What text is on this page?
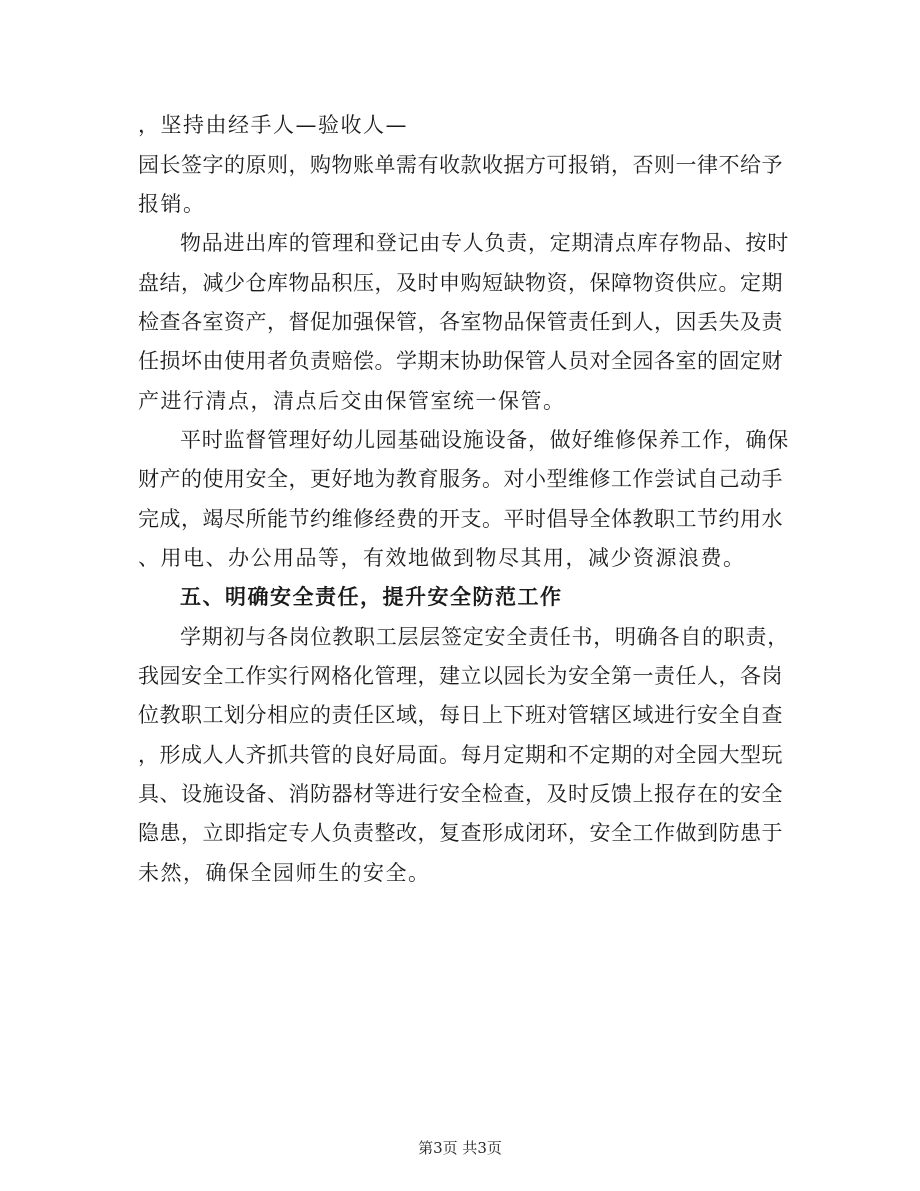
，坚持由经手人—验收人—
园长签字的原则，购物账单需有收款收据方可报销，否则一律不给予
报销。
物品进出库的管理和登记由专人负责，定期清点库存物品、按时
盘结，减少仓库物品积压，及时申购短缺物资，保障物资供应。定期
检查各室资产，督促加强保管，各室物品保管责任到人，因丢失及责
任损坏由使用者负责赔偿。学期末协助保管人员对全园各室的固定财
产进行清点，清点后交由保管室统一保管。
平时监督管理好幼儿园基础设施设备，做好维修保养工作，确保
财产的使用安全，更好地为教育服务。对小型维修工作尝试自己动手
完成，竭尽所能节约维修经费的开支。平时倡导全体教职工节约用水
、用电、办公用品等，有效地做到物尽其用，减少资源浪费。
五、明确安全责任，提升安全防范工作
学期初与各岗位教职工层层签定安全责任书，明确各自的职责，
我园安全工作实行网格化管理，建立以园长为安全第一责任人，各岗
位教职工划分相应的责任区域，每日上下班对管辖区域进行安全自查
，形成人人齐抓共管的良好局面。每月定期和不定期的对全园大型玩
具、设施设备、消防器材等进行安全检查，及时反馈上报存在的安全
隐患，立即指定专人负责整改，复查形成闭环，安全工作做到防患于
未然，确保全园师生的安全。
第3页 共3页
